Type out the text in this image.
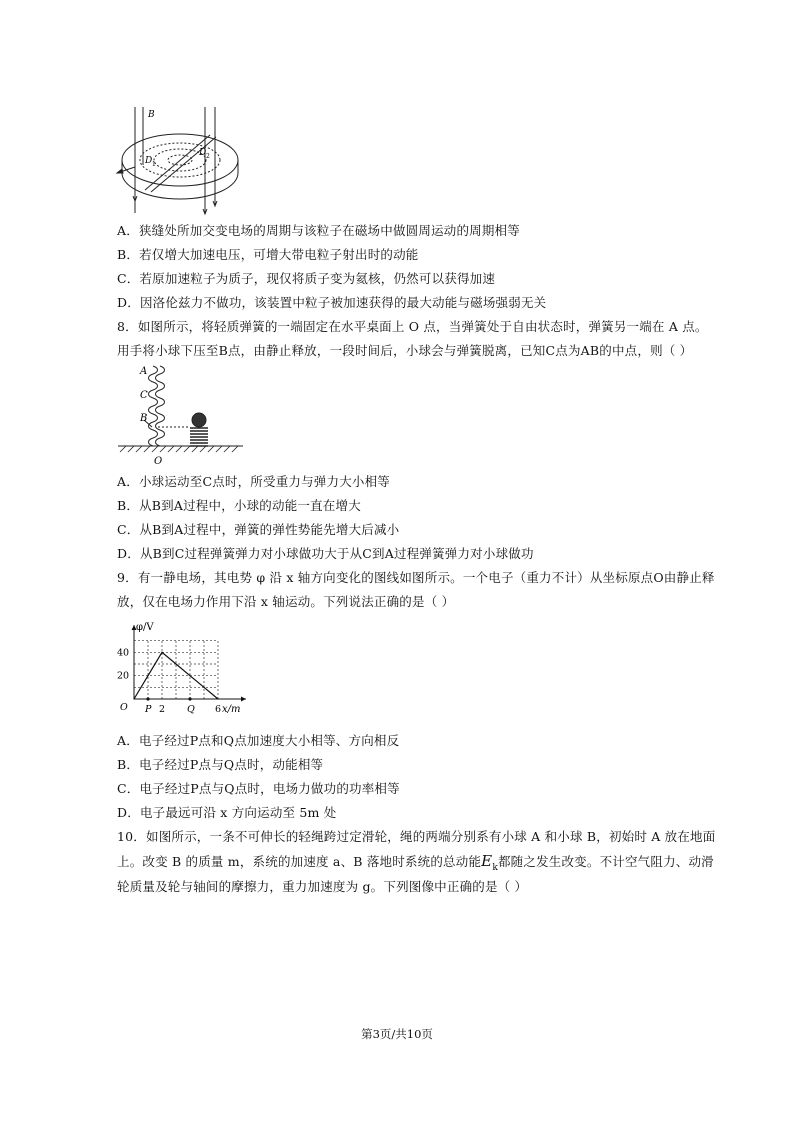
B
D 1
D 2
A．狭缝处所加交变电场的周期与该粒子在磁场中做圆周运动的周期相等
B．若仅增大加速电压，可增大带电粒子射出时的动能
C．若原加速粒子为质子，现仅将质子变为氦核，仍然可以获得加速
D．因洛伦兹力不做功，该装置中粒子被加速获得的最大动能与磁场强弱无关
8．如图所示，将轻质弹簧的一端固定在水平桌面上 O 点，当弹簧处于自由状态时，弹簧另一端在 A 点。
用手将小球下压至B点，由静止释放，一段时间后，小球会与弹簧脱离，已知C点为AB的中点，则（ ）
A
C
B
O
A．小球运动至C点时，所受重力与弹力大小相等
B．从B到A过程中，小球的动能一直在增大
C．从B到A过程中，弹簧的弹性势能先增大后减小
D．从B到C过程弹簧弹力对小球做功大于从C到A过程弹簧弹力对小球做功
9．有一静电场，其电势 φ 沿 x 轴方向变化的图线如图所示。一个电子（重力不计）从坐标原点O由静止释
放，仅在电场力作用下沿 x 轴运动。下列说法正确的是（ ）
O P 2 Q 6
20
40
φ/V
x/m
A．电子经过P点和Q点加速度大小相等、方向相反
B．电子经过P点与Q点时，动能相等
C．电子经过P点与Q点时，电场力做功的功率相等
D．电子最远可沿 x 方向运动至 5m 处
10．如图所示，一条不可伸长的轻绳跨过定滑轮，绳的两端分别系有小球 A 和小球 B，初始时 A 放在地面
上。改变 B 的质量 m，系统的加速度 a、B 落地时系统的总动能$E_k$都随之发生改变。不计空气阻力、动滑
轮质量及轮与轴间的摩擦力，重力加速度为 g。下列图像中正确的是（ ）
第3页/共10页
